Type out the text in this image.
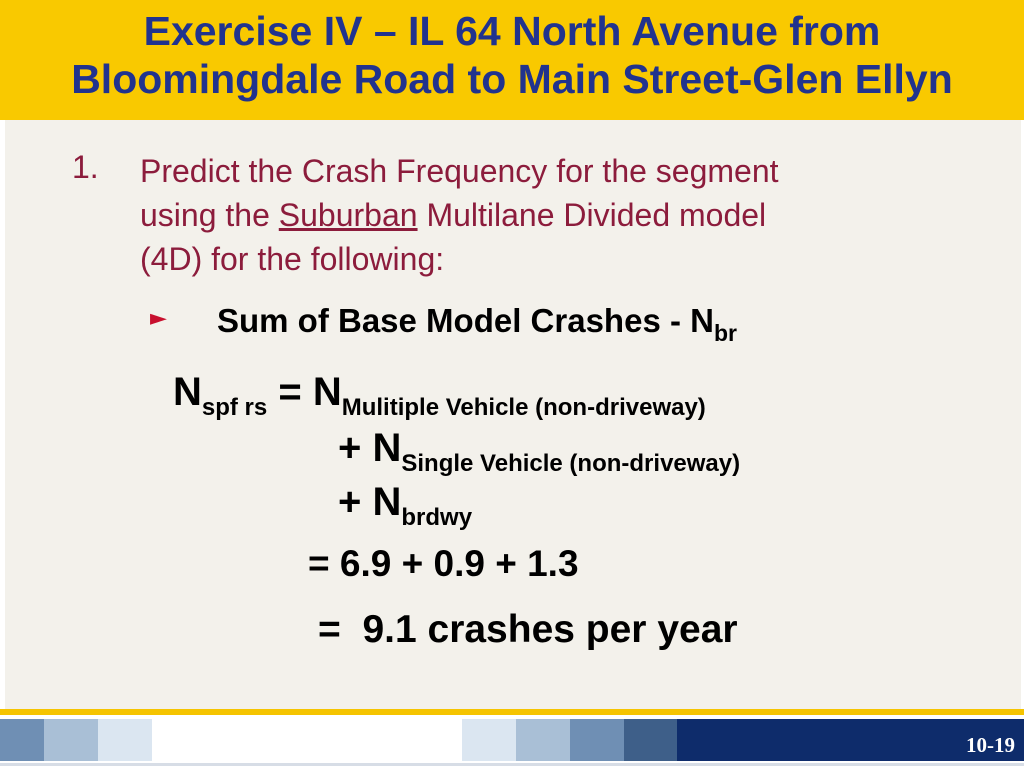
Exercise IV – IL 64 North Avenue from
Bloomingdale Road to Main Street-Glen Ellyn
1. Predict the Crash Frequency for the segment
using the Suburban Multilane Divided model
(4D) for the following:
► Sum of Base Model Crashes - $N_{br}$
$N_{spf rs} = N_{Mulitiple Vehicle (non-driveway)}$
+ $N_{Single Vehicle (non-driveway)}$
+ $N_{brdwy}$
= 6.9 + 0.9 + 1.3
= 9.1 crashes per year
10-19
